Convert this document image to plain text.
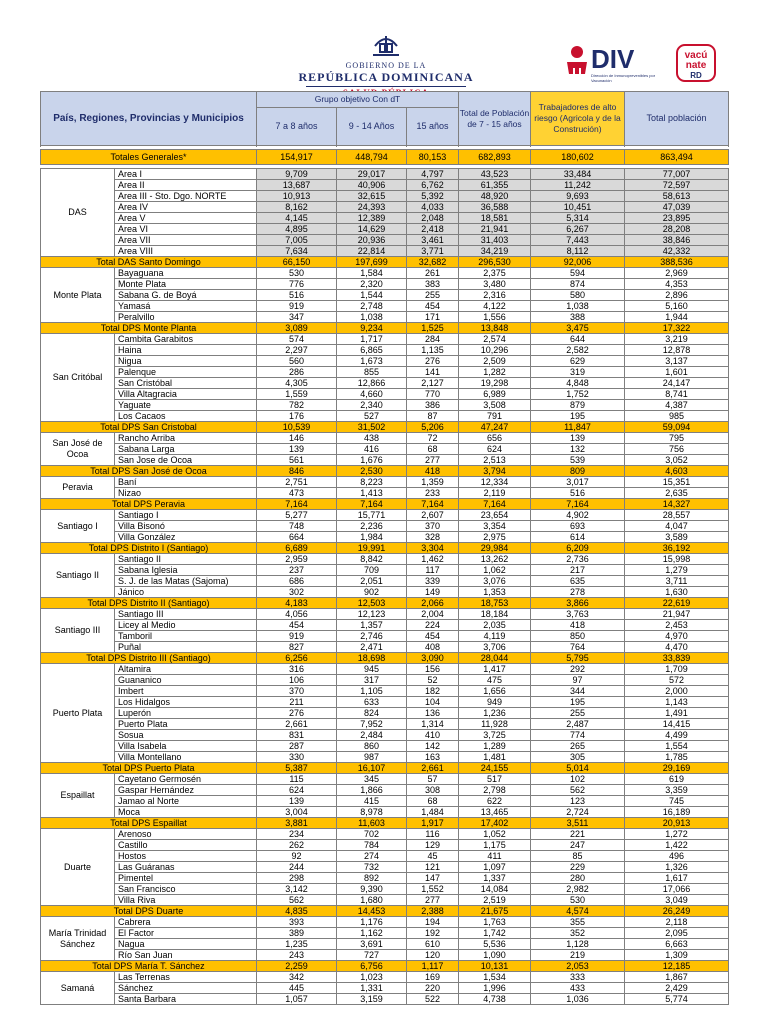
GOBIERNO DE LA
REPÚBLICA DOMINICANA
DIV
Dirección de Inmunoprevenibles por Vacunación
vacú
nate
RD
País, Regiones, Provincias y Municipios		Grupo objetivo Con dT			Total de Población de 7 - 15 años	Trabajadores de alto riesgo (Agricola y de la Construción)	Total población
		7 a 8 años	9 - 14 Años	15 años			

Totales Generales*		154,917	448,794	80,153	682,893	180,602	863,494

DAS	Area I	9,709	29,017	4,797	43,523	33,484	77,007
	Area II	13,687	40,906	6,762	61,355	11,242	72,597
	Area III - Sto. Dgo. NORTE	10,913	32,615	5,392	48,920	9,693	58,613
	Area IV	8,162	24,393	4,033	36,588	10,451	47,039
	Area V	4,145	12,389	2,048	18,581	5,314	23,895
	Area VI	4,895	14,629	2,418	21,941	6,267	28,208
	Area VII	7,005	20,936	3,461	31,403	7,443	38,846
	Area VIII	7,634	22,814	3,771	34,219	8,112	42,332
Total DAS Santo Domingo		66,150	197,699	32,682	296,530	92,006	388,536
Monte Plata	Bayaguana	530	1,584	261	2,375	594	2,969
	Monte Plata	776	2,320	383	3,480	874	4,353
	Sabana G. de Boyá	516	1,544	255	2,316	580	2,896
	Yamasá	919	2,748	454	4,122	1,038	5,160
	Peralvillo	347	1,038	171	1,556	388	1,944
Total DPS Monte Planta		3,089	9,234	1,525	13,848	3,475	17,322
San Critóbal	Cambita Garabitos	574	1,717	284	2,574	644	3,219
	Haina	2,297	6,865	1,135	10,296	2,582	12,878
	Nigua	560	1,673	276	2,509	629	3,137
	Palenque	286	855	141	1,282	319	1,601
	San Cristóbal	4,305	12,866	2,127	19,298	4,848	24,147
	Villa Altagracia	1,559	4,660	770	6,989	1,752	8,741
	Yaguate	782	2,340	386	3,508	879	4,387
	Los Cacaos	176	527	87	791	195	985
Total DPS San Cristobal		10,539	31,502	5,206	47,247	11,847	59,094
San José de Ocoa	Rancho Arriba	146	438	72	656	139	795
	Sabana Larga	139	416	68	624	132	756
	San Jose de Ocoa	561	1,676	277	2,513	539	3,052
Total DPS San José de Ocoa		846	2,530	418	3,794	809	4,603
Peravia	Baní	2,751	8,223	1,359	12,334	3,017	15,351
	Nizao	473	1,413	233	2,119	516	2,635
Total DPS Peravia		7,164	7,164	7,164	7,164	7,164	14,327
Santiago I	Santiago I	5,277	15,771	2,607	23,654	4,902	28,557
	Villa Bisonó	748	2,236	370	3,354	693	4,047
	Villa González	664	1,984	328	2,975	614	3,589
Total DPS Distrito I (Santiago)		6,689	19,991	3,304	29,984	6,209	36,192
Santiago II	Santiago II	2,959	8,842	1,462	13,262	2,736	15,998
	Sabana Iglesia	237	709	117	1,062	217	1,279
	S. J. de las Matas (Sajoma)	686	2,051	339	3,076	635	3,711
	Jánico	302	902	149	1,353	278	1,630
Total DPS Distrito II (Santiago)		4,183	12,503	2,066	18,753	3,866	22,619
Santiago III	Santiago III	4,056	12,123	2,004	18,184	3,763	21,947
	Licey al Medio	454	1,357	224	2,035	418	2,453
	Tamboril	919	2,746	454	4,119	850	4,970
	Puñal	827	2,471	408	3,706	764	4,470
Total DPS Distrito III (Santiago)		6,256	18,698	3,090	28,044	5,795	33,839
Puerto Plata	Altamira	316	945	156	1,417	292	1,709
	Guananico	106	317	52	475	97	572
	Imbert	370	1,105	182	1,656	344	2,000
	Los Hidalgos	211	633	104	949	195	1,143
	Luperón	276	824	136	1,236	255	1,491
	Puerto Plata	2,661	7,952	1,314	11,928	2,487	14,415
	Sosua	831	2,484	410	3,725	774	4,499
	Villa Isabela	287	860	142	1,289	265	1,554
	Villa Montellano	330	987	163	1,481	305	1,785
Total DPS Puerto Plata		5,387	16,107	2,661	24,155	5,014	29,169
Espaillat	Cayetano Germosén	115	345	57	517	102	619
	Gaspar Hernández	624	1,866	308	2,798	562	3,359
	Jamao al Norte	139	415	68	622	123	745
	Moca	3,004	8,978	1,484	13,465	2,724	16,189
Total DPS Espaillat		3,881	11,603	1,917	17,402	3,511	20,913
Duarte	Arenoso	234	702	116	1,052	221	1,272
	Castillo	262	784	129	1,175	247	1,422
	Hostos	92	274	45	411	85	496
	Las Guáranas	244	732	121	1,097	229	1,326
	Pimentel	298	892	147	1,337	280	1,617
	San Francisco	3,142	9,390	1,552	14,084	2,982	17,066
	Villa Riva	562	1,680	277	2,519	530	3,049
Total DPS Duarte		4,835	14,453	2,388	21,675	4,574	26,249
María Trinidad Sánchez	Cabrera	393	1,176	194	1,763	355	2,118
	El Factor	389	1,162	192	1,742	352	2,095
	Nagua	1,235	3,691	610	5,536	1,128	6,663
	Río San Juan	243	727	120	1,090	219	1,309
Total DPS María T. Sánchez		2,259	6,756	1,117	10,131	2,053	12,185
Samaná	Las Terrenas	342	1,023	169	1,534	333	1,867
	Sánchez	445	1,331	220	1,996	433	2,429
	Santa Barbara	1,057	3,159	522	4,738	1,036	5,774
